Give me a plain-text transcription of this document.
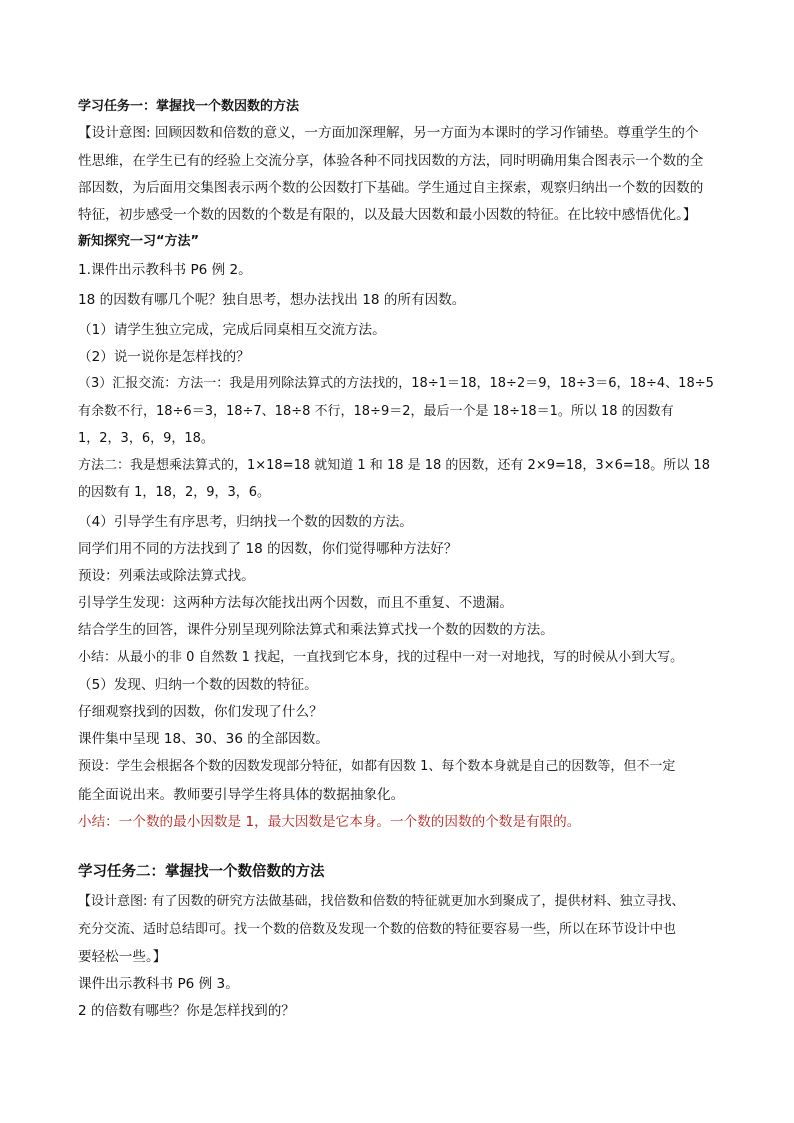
学习任务一：掌握找一个数因数的方法
【设计意图: 回顾因数和倍数的意义，一方面加深理解，另一方面为本课时的学习作铺垫。尊重学生的个
性思维，在学生已有的经验上交流分享，体验各种不同找因数的方法，同时明确用集合图表示一个数的全
部因数，为后面用交集图表示两个数的公因数打下基础。学生通过自主探索，观察归纳出一个数的因数的
特征，初步感受一个数的因数的个数是有限的，以及最大因数和最小因数的特征。在比较中感悟优化。】
新知探究一习“方法”
1.课件出示教科书 P6 例 2。
18 的因数有哪几个呢？独自思考，想办法找出 18 的所有因数。
（1）请学生独立完成，完成后同桌相互交流方法。
（2）说一说你是怎样找的？
（3）汇报交流：方法一：我是用列除法算式的方法找的，18÷1＝18，18÷2＝9，18÷3＝6，18÷4、18÷5
有余数不行，18÷6＝3，18÷7、18÷8 不行，18÷9＝2，最后一个是 18÷18＝1。所以 18 的因数有
1，2，3，6，9，18。
方法二：我是想乘法算式的，1×18=18 就知道 1 和 18 是 18 的因数，还有 2×9=18，3×6=18。所以 18
的因数有 1，18，2，9，3，6。
（4）引导学生有序思考，归纳找一个数的因数的方法。
同学们用不同的方法找到了 18 的因数，你们觉得哪种方法好？
预设：列乘法或除法算式找。
引导学生发现：这两种方法每次能找出两个因数，而且不重复、不遗漏。
结合学生的回答，课件分别呈现列除法算式和乘法算式找一个数的因数的方法。
小结：从最小的非 0 自然数 1 找起，一直找到它本身，找的过程中一对一对地找，写的时候从小到大写。
（5）发现、归纳一个数的因数的特征。
仔细观察找到的因数，你们发现了什么？
课件集中呈现 18、30、36 的全部因数。
预设：学生会根据各个数的因数发现部分特征，如都有因数 1、每个数本身就是自己的因数等，但不一定
能全面说出来。教师要引导学生将具体的数据抽象化。
小结：一个数的最小因数是 1，最大因数是它本身。一个数的因数的个数是有限的。
学习任务二：掌握找一个数倍数的方法
【设计意图: 有了因数的研究方法做基础，找倍数和倍数的特征就更加水到聚成了，提供材料、独立寻找、
充分交流、适时总结即可。找一个数的倍数及发现一个数的倍数的特征要容易一些，所以在环节设计中也
要轻松一些。】
课件出示教科书 P6 例 3。
2 的倍数有哪些？你是怎样找到的？
